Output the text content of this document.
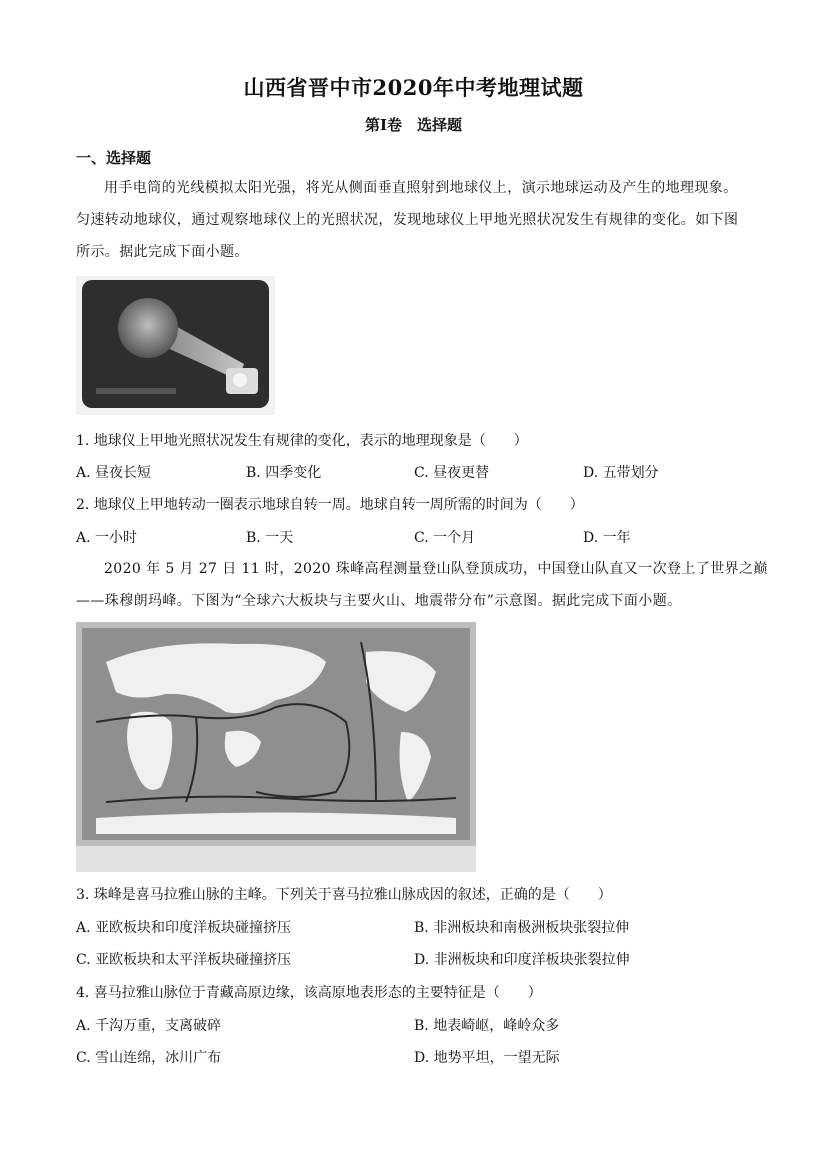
山西省晋中市2020年中考地理试题
第Ⅰ卷　选择题
一、选择题
用手电筒的光线模拟太阳光强，将光从侧面垂直照射到地球仪上，演示地球运动及产生的地理现象。
匀速转动地球仪，通过观察地球仪上的光照状况，发现地球仪上甲地光照状况发生有规律的变化。如下图
所示。据此完成下面小题。
1. 地球仪上甲地光照状况发生有规律的变化，表示的地理现象是（　　）
A. 昼夜长短	B. 四季变化	C. 昼夜更替	D. 五带划分
2. 地球仪上甲地转动一圈表示地球自转一周。地球自转一周所需的时间为（　　）
A. 一小时	B. 一天	C. 一个月	D. 一年
2020 年 5 月 27 日 11 时，2020 珠峰高程测量登山队登顶成功，中国登山队直又一次登上了世界之巅
——珠穆朗玛峰。下图为“全球六大板块与主要火山、地震带分布”示意图。据此完成下面小题。
3. 珠峰是喜马拉雅山脉的主峰。下列关于喜马拉雅山脉成因的叙述，正确的是（　　）
A. 亚欧板块和印度洋板块碰撞挤压	B. 非洲板块和南极洲板块张裂拉伸
C. 亚欧板块和太平洋板块碰撞挤压	D. 非洲板块和印度洋板块张裂拉伸
4. 喜马拉雅山脉位于青藏高原边缘，该高原地表形态的主要特征是（　　）
A. 千沟万重，支离破碎	B. 地表崎岖，峰岭众多
C. 雪山连绵，冰川广布	D. 地势平坦，一望无际
